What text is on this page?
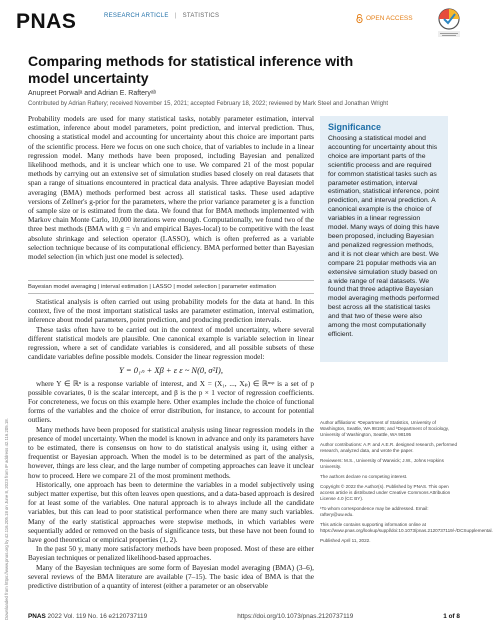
PNAS	RESEARCH ARTICLE | STATISTICS	OPEN ACCESS
Comparing methods for statistical inference with model uncertainty
Anupreet Porwalᵃ and Adrian E. Rafteryᵃᵇ
Contributed by Adrian Raftery; received November 15, 2021; accepted February 18, 2022; reviewed by Mark Steel and Jonathan Wright
Probability models are used for many statistical tasks, notably parameter estimation, interval estimation, inference about model parameters, point prediction, and interval prediction. Thus, choosing a statistical model and accounting for uncertainty about this choice are important parts of the scientific process. Here we focus on one such choice, that of variables to include in a linear regression model. Many methods have been proposed, including Bayesian and penalized likelihood methods, and it is unclear which one to use. We compared 21 of the most popular methods by carrying out an extensive set of simulation studies based closely on real datasets that span a range of situations encountered in practical data analysis. Three adaptive Bayesian model averaging (BMA) methods performed best across all statistical tasks. These used adaptive versions of Zellner's g-prior for the parameters, where the prior variance parameter g is a function of sample size or is estimated from the data. We found that for BMA methods implemented with Markov chain Monte Carlo, 10,000 iterations were enough. Computationally, we found two of the three best methods (BMA with g = √n and empirical Bayes-local) to be competitive with the least absolute shrinkage and selection operator (LASSO), which is often preferred as a variable selection technique because of its computational efficiency. BMA performed better than Bayesian model selection (in which just one model is selected).
Bayesian model averaging | interval estimation | LASSO | model selection | parameter estimation

Statistical analysis is often carried out using probability models for the data at hand. In this context, five of the most important statistical tasks are parameter estimation, interval estimation, inference about model parameters, point prediction, and producing prediction intervals.

These tasks often have to be carried out in the context of model uncertainty, where several different statistical models are plausible. One canonical example is variable selection in linear regression, where a set of candidate variables is considered, and all possible subsets of these candidate variables define possible models. Consider the linear regression model:

Y = 0₁ₙ + Xβ + ε ε ~ N(0, σ²I),

where Y ∈ ℝⁿ is a response variable of interest, and X = (X₁, ..., Xₚ) ∈ ℝⁿˣᵖ is a set of p possible covariates, 0 is the scalar intercept, and β is the p × 1 vector of regression coefficients. For concreteness, we focus on this example here. Other examples include the choice of functional forms of the variables and the choice of error distribution, for instance, to account for potential outliers.

Many methods have been proposed for statistical analysis using linear regression models in the presence of model uncertainty. When the model is known in advance and only its parameters have to be estimated, there is consensus on how to do statistical analysis using it, using either a frequentist or Bayesian approach. When the model is to be determined as part of the analysis, however, things are less clear, and the large number of competing approaches can leave it unclear how to proceed. Here we compare 21 of the most prominent methods.

Historically, one approach has been to determine the variables in a model subjectively using subject matter expertise, but this often leaves open questions, and a data-based approach is desired for at least some of the variables. One natural approach is to always include all the candidate variables, but this can lead to poor statistical performance when there are many such variables. Many of the early statistical approaches were stepwise methods, in which variables were sequentially added or removed on the basis of significance tests, but these have not been found to have good theoretical or empirical properties (1, 2).

In the past 50 y, many more satisfactory methods have been proposed. Most of these are either Bayesian techniques or penalized likelihood-based approaches.

Many of the Bayesian techniques are some form of Bayesian model averaging (BMA) (3–6), several reviews of the BMA literature are available (7–15). The basic idea of BMA is that the predictive distribution of a quantity of interest (either a parameter or an observable

Significance
Choosing a statistical model and accounting for uncertainty about this choice are important parts of the scientific process and are required for common statistical tasks such as parameter estimation, interval estimation, statistical inference, point prediction, and interval prediction. A canonical example is the choice of variables in a linear regression model. Many ways of doing this have been proposed, including Bayesian and penalized regression methods, and it is not clear which are best. We compare 21 popular methods via an extensive simulation study based on a wide range of real datasets. We found that three adaptive Bayesian model averaging methods performed best across all the statistical tasks and that two of these were also among the most computationally efficient.

Author affiliations: ᵃDepartment of Statistics, University of Washington, Seattle, WA 98195; and ᵇDepartment of Sociology, University of Washington, Seattle, WA 98195

Author contributions: A.P. and A.E.R. designed research, performed research, analyzed data, and wrote the paper.

Reviewers: M.S., University of Warwick; J.W., Johns Hopkins University.

The authors declare no competing interest.

Copyright © 2022 the Author(s). Published by PNAS. This open access article is distributed under Creative Commons Attribution License 4.0 (CC BY).

¹To whom correspondence may be addressed. Email: raftery@uw.edu.

This article contains supporting information online at https://www.pnas.org/lookup/suppl/doi:10.1073/pnas.2120737119/-/DCSupplemental.

Published April 11, 2022.

Downloaded from https://www.pnas.org by 42.116.205.18 on June 8, 2023 from IP address 42.116.205.18.	PNAS 2022 Vol. 119 No. 16 e2120737119	https://doi.org/10.1073/pnas.2120737119	1 of 8
